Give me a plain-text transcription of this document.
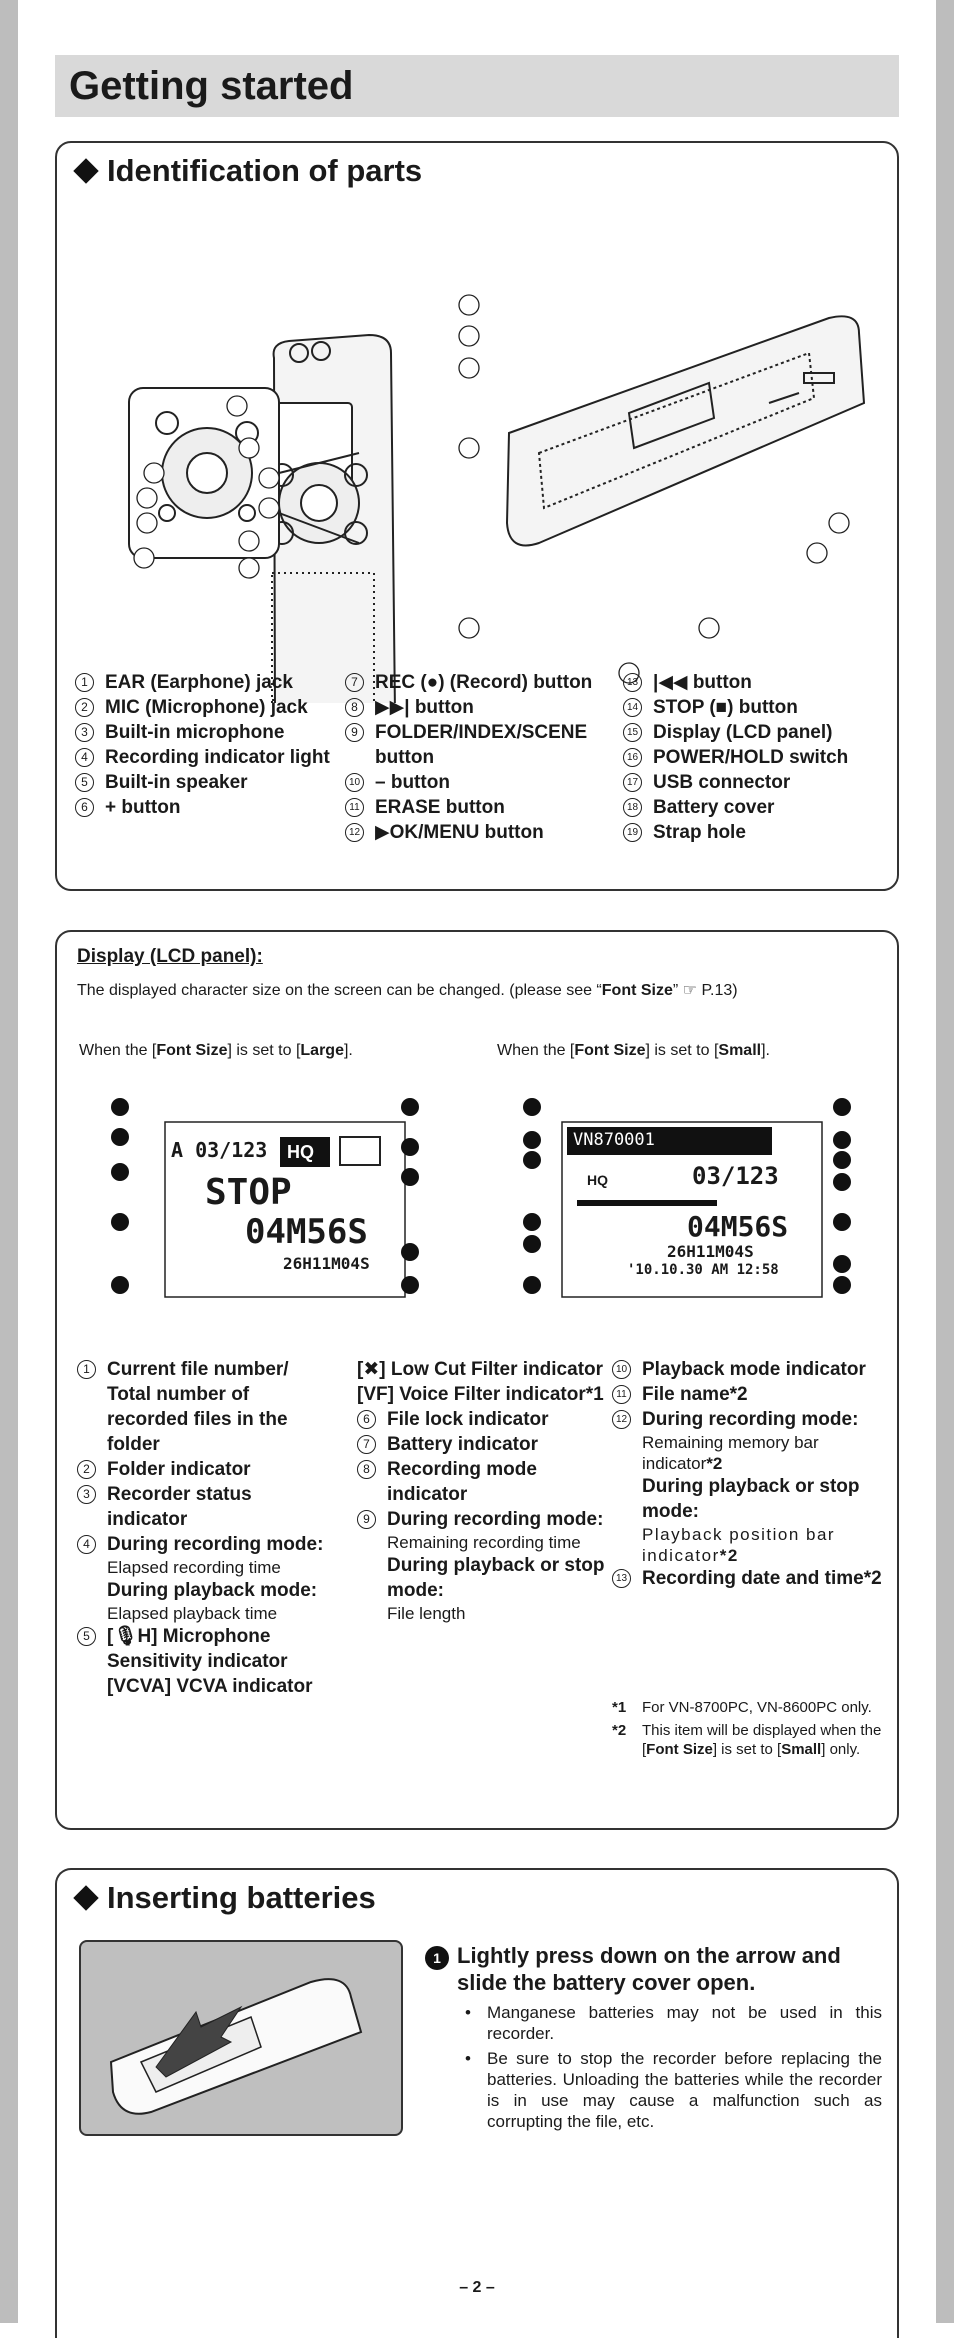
Getting started
Identification of parts
1 EAR (Earphone) jack
2 MIC (Microphone) jack
3 Built-in microphone
4 Recording indicator light
5 Built-in speaker
6 + button
7 REC (●) (Record) button
8 ▶▶| button
9 FOLDER/INDEX/SCENE button
10 – button
11 ERASE button
12 ▶OK/MENU button
13 |◀◀ button
14 STOP (■) button
15 Display (LCD panel)
16 POWER/HOLD switch
17 USB connector
18 Battery cover
19 Strap hole
Display (LCD panel):
The displayed character size on the screen can be changed. (please see “Font Size” ☞ P.13)
When the [Font Size] is set to [Large].	When the [Font Size] is set to [Small].
A 03/123 HQ
STOP
04M56S
26H11M04S
VN870001
HQ	03/123
04M56S
26H11M04S
'10.10.30 AM 12:58
1 Current file number/ Total number of recorded files in the folder
2 Folder indicator
3 Recorder status indicator
4 During recording mode:
Elapsed recording time
During playback mode:
Elapsed playback time
5 [🎙H] Microphone Sensitivity indicator
[VCVA] VCVA indicator
[✖] Low Cut Filter indicator
[VF] Voice Filter indicator*1
6 File lock indicator
7 Battery indicator
8 Recording mode indicator
9 During recording mode:
Remaining recording time
During playback or stop mode:
File length
10 Playback mode indicator
11 File name*2
12 During recording mode:
Remaining memory bar indicator*2
During playback or stop mode:
Playback position bar indicator*2
13 Recording date and time*2
*1 For VN-8700PC, VN-8600PC only.
*2 This item will be displayed when the [Font Size] is set to [Small] only.
Inserting batteries
1 Lightly press down on the arrow and slide the battery cover open.
• Manganese batteries may not be used in this recorder.
• Be sure to stop the recorder before replacing the batteries. Unloading the batteries while the recorder is in use may cause a malfunction such as corrupting the file, etc.
– 2 –
